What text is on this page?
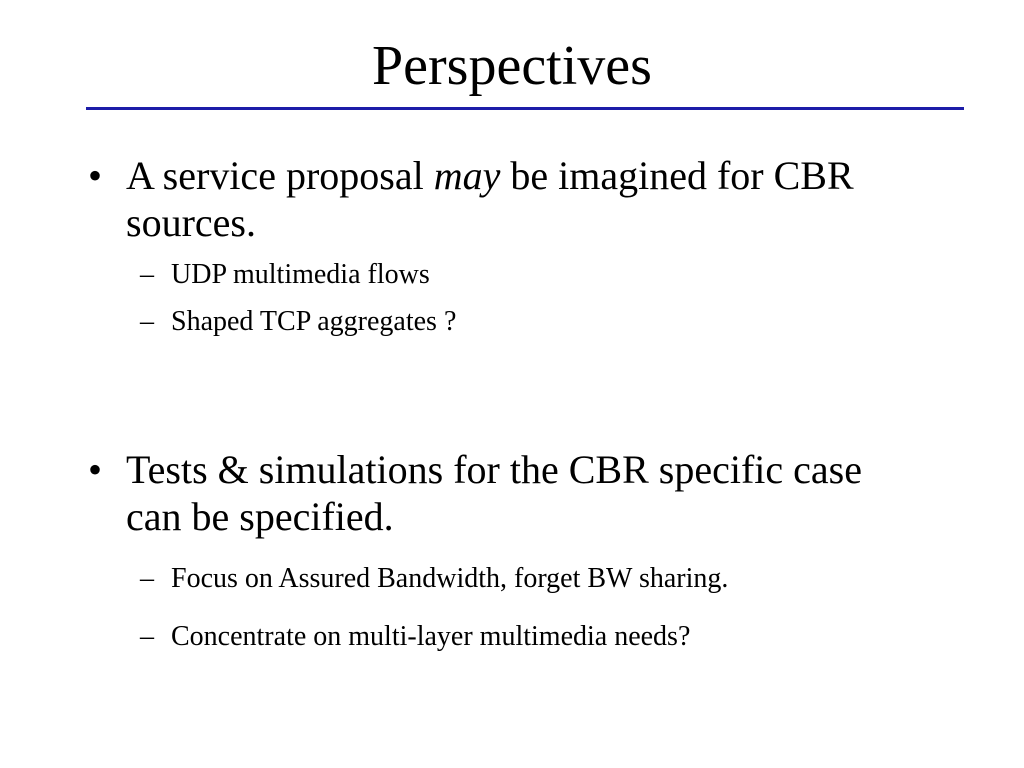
Perspectives
• A service proposal may be imagined for CBR sources.
– UDP multimedia flows
– Shaped TCP aggregates ?
• Tests & simulations for the CBR specific case can be specified.
– Focus on Assured Bandwidth, forget BW sharing.
– Concentrate on multi-layer multimedia needs?
